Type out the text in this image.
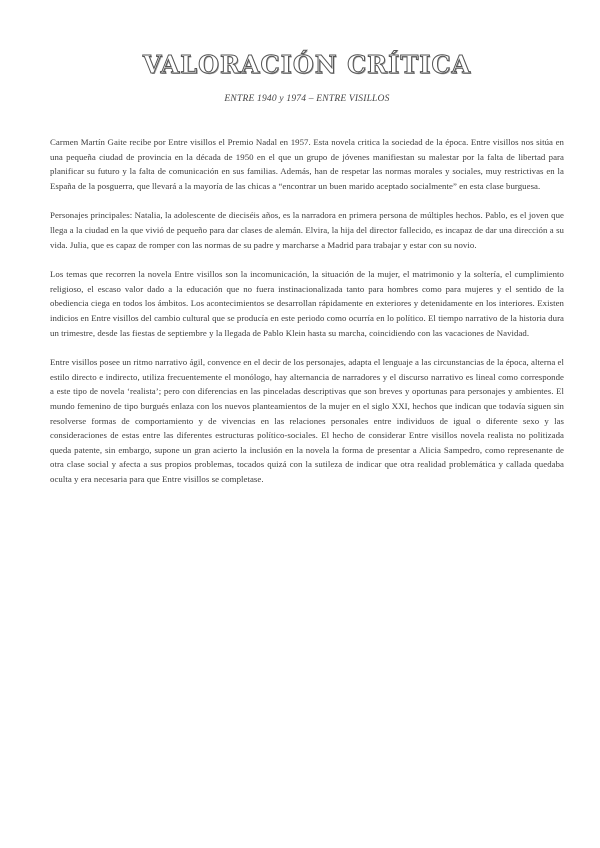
VALORACIÓN CRÍTICA
ENTRE 1940 y 1974 – ENTRE VISILLOS

Carmen Martín Gaite recibe por Entre visillos el Premio Nadal en 1957. Esta novela critica la sociedad de la época. Entre visillos nos sitúa en una pequeña ciudad de provincia en la década de 1950 en el que un grupo de jóvenes manifiestan su malestar por la falta de libertad para planificar su futuro y la falta de comunicación en sus familias. Además, han de respetar las normas morales y sociales, muy restrictivas en la España de la posguerra, que llevará a la mayoría de las chicas a “encontrar un buen marido aceptado socialmente” en esta clase burguesa.

Personajes principales: Natalia, la adolescente de dieciséis años, es la narradora en primera persona de múltiples hechos. Pablo, es el joven que llega a la ciudad en la que vivió de pequeño para dar clases de alemán. Elvira, la hija del director fallecido, es incapaz de dar una dirección a su vida. Julia, que es capaz de romper con las normas de su padre y marcharse a Madrid para trabajar y estar con su novio.

Los temas que recorren la novela Entre visillos son la incomunicación, la situación de la mujer, el matrimonio y la soltería, el cumplimiento religioso, el escaso valor dado a la educación que no fuera instinacionalizada tanto para hombres como para mujeres y el sentido de la obediencia ciega en todos los ámbitos. Los acontecimientos se desarrollan rápidamente en exteriores y detenidamente en los interiores. Existen indicios en Entre visillos del cambio cultural que se producía en este periodo como ocurría en lo político. El tiempo narrativo de la historia dura un trimestre, desde las fiestas de septiembre y la llegada de Pablo Klein hasta su marcha, coincidiendo con las vacaciones de Navidad.

Entre visillos posee un ritmo narrativo ágil, convence en el decir de los personajes, adapta el lenguaje a las circunstancias de la época, alterna el estilo directo e indirecto, utiliza frecuentemente el monólogo, hay alternancia de narradores y el discurso narrativo es lineal como corresponde a este tipo de novela ‘realista’; pero con diferencias en las pinceladas descriptivas que son breves y oportunas para personajes y ambientes. El mundo femenino de tipo burgués enlaza con los nuevos planteamientos de la mujer en el siglo XXI, hechos que indican que todavía siguen sin resolverse formas de comportamiento y de vivencias en las relaciones personales entre individuos de igual o diferente sexo y las consideraciones de estas entre las diferentes estructuras político-sociales. El hecho de considerar Entre visillos novela realista no politizada queda patente, sin embargo, supone un gran acierto la inclusión en la novela la forma de presentar a Alicia Sampedro, como represenante de otra clase social y afecta a sus propios problemas, tocados quizá con la sutileza de indicar que otra realidad problemática y callada quedaba oculta y era necesaria para que Entre visillos se completase.
